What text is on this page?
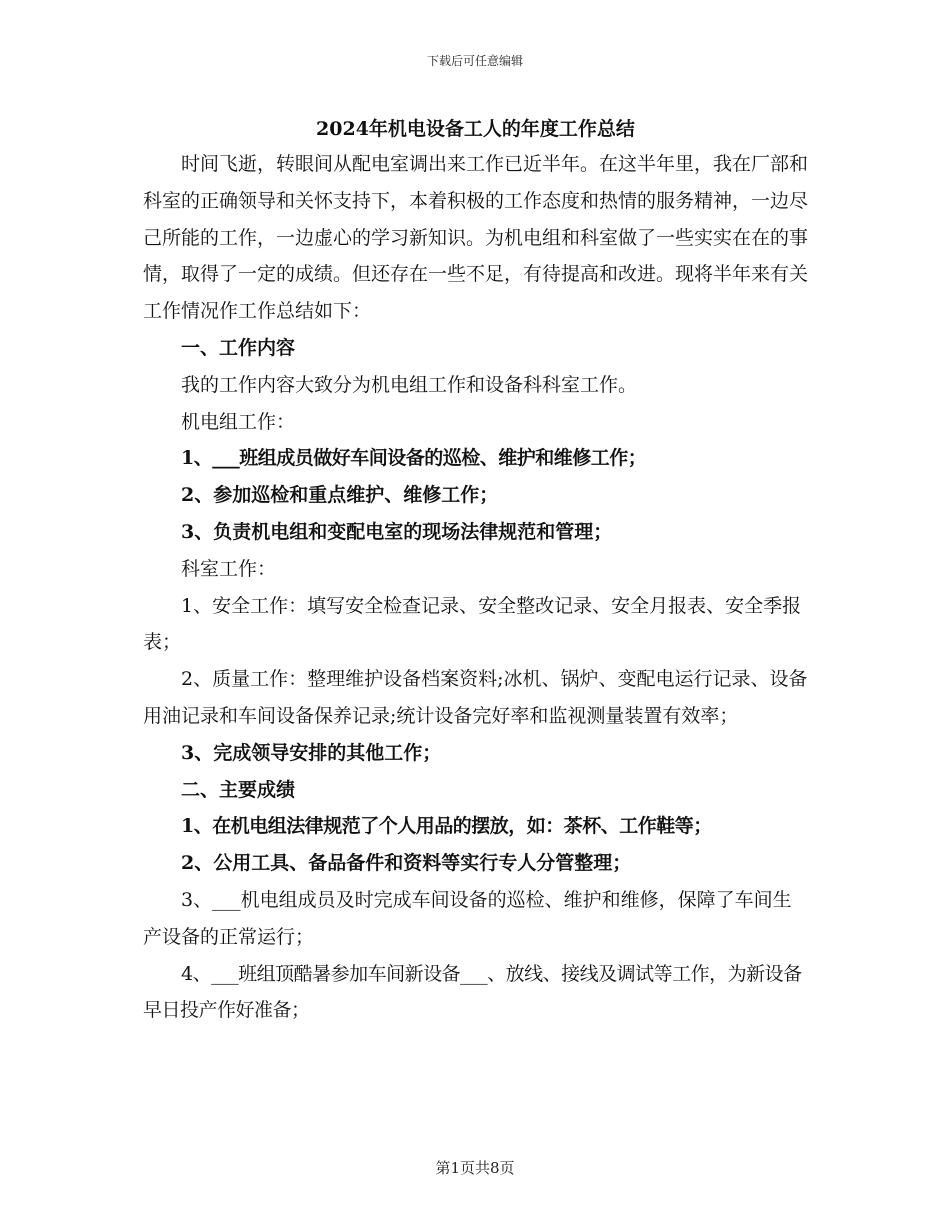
下载后可任意编辑
2024年机电设备工人的年度工作总结

时间飞逝，转眼间从配电室调出来工作已近半年。在这半年里，我在厂部和科室的正确领导和关怀支持下，本着积极的工作态度和热情的服务精神，一边尽己所能的工作，一边虚心的学习新知识。为机电组和科室做了一些实实在在的事情，取得了一定的成绩。但还存在一些不足，有待提高和改进。现将半年来有关工作情况作工作总结如下：

一、工作内容

我的工作内容大致分为机电组工作和设备科科室工作。

机电组工作：

1、___班组成员做好车间设备的巡检、维护和维修工作；

2、参加巡检和重点维护、维修工作；

3、负责机电组和变配电室的现场法律规范和管理；

科室工作：

1、安全工作：填写安全检查记录、安全整改记录、安全月报表、安全季报表；

2、质量工作：整理维护设备档案资料;冰机、锅炉、变配电运行记录、设备用油记录和车间设备保养记录;统计设备完好率和监视测量装置有效率；

3、完成领导安排的其他工作；

二、主要成绩

1、在机电组法律规范了个人用品的摆放，如：茶杯、工作鞋等；

2、公用工具、备品备件和资料等实行专人分管整理；

3、___机电组成员及时完成车间设备的巡检、维护和维修，保障了车间生产设备的正常运行；

4、___班组顶酷暑参加车间新设备___、放线、接线及调试等工作，为新设备早日投产作好准备；

第1页共8页
